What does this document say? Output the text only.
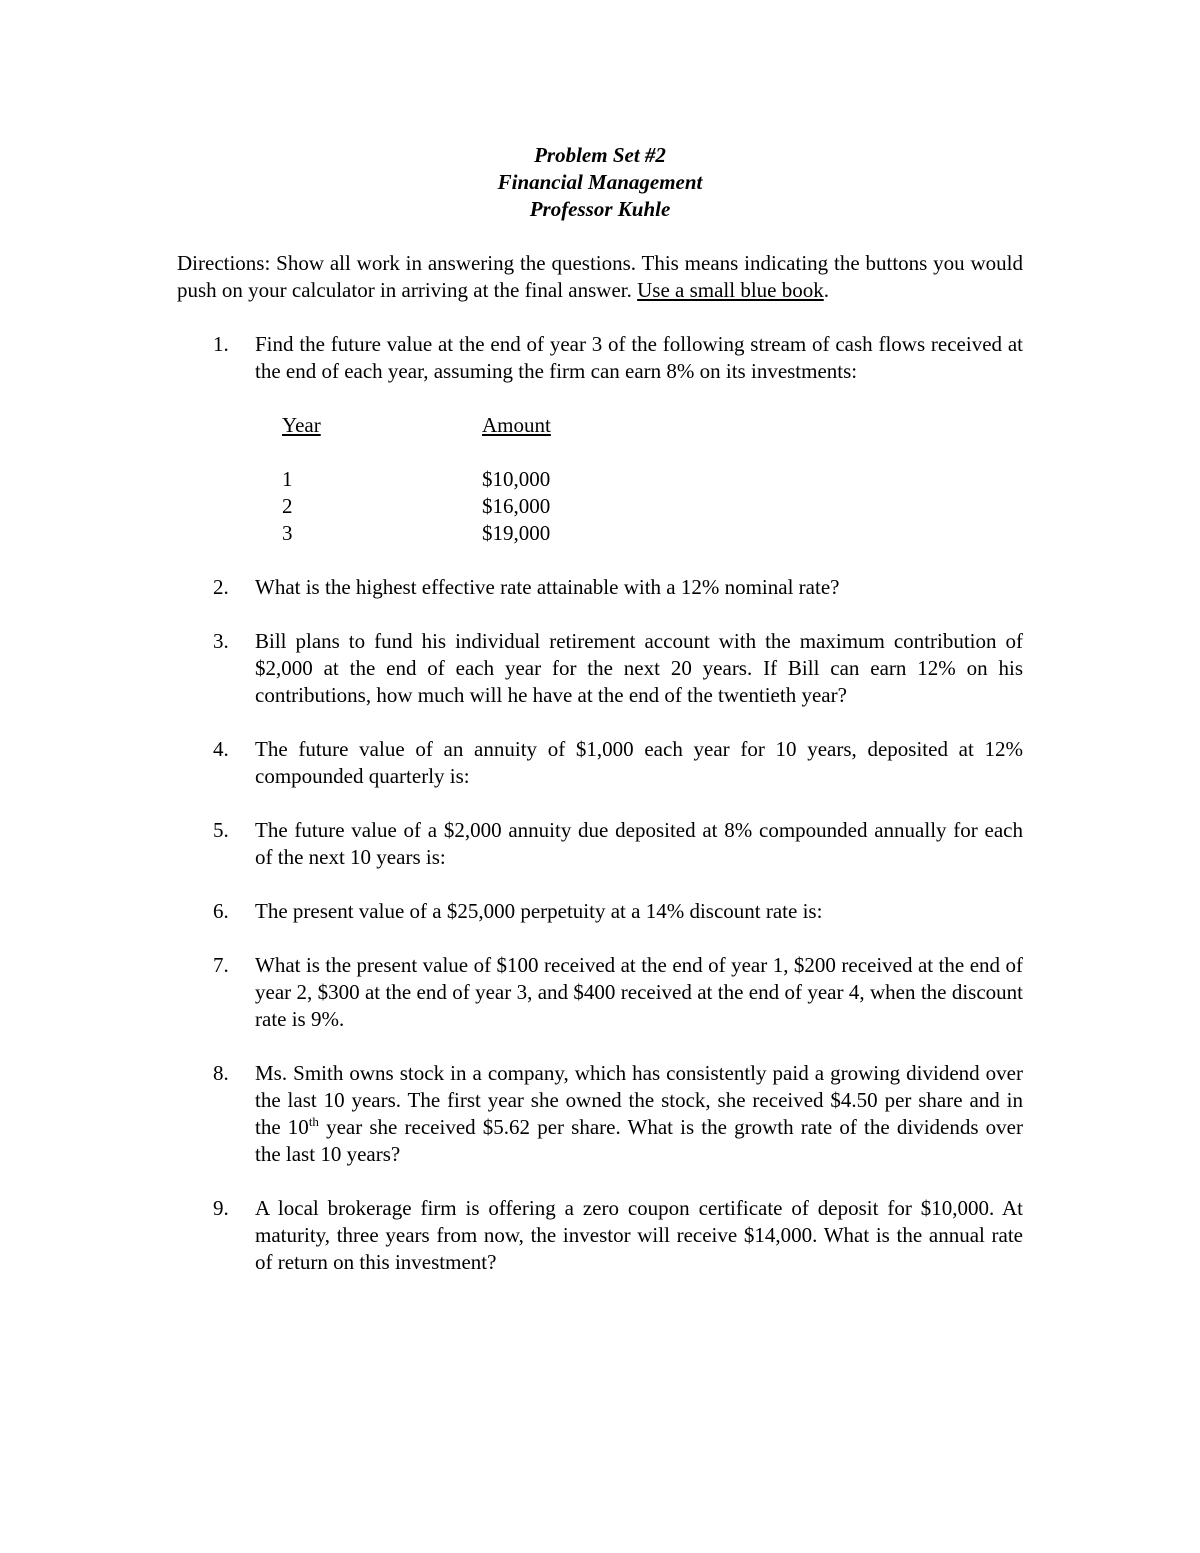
Problem Set #2
Financial Management
Professor Kuhle
Directions: Show all work in answering the questions. This means indicating the buttons you would push on your calculator in arriving at the final answer. Use a small blue book.
1. Find the future value at the end of year 3 of the following stream of cash flows received at the end of each year, assuming the firm can earn 8% on its investments:
Year	Amount
1	$10,000
2	$16,000
3	$19,000
2. What is the highest effective rate attainable with a 12% nominal rate?
3. Bill plans to fund his individual retirement account with the maximum contribution of $2,000 at the end of each year for the next 20 years. If Bill can earn 12% on his contributions, how much will he have at the end of the twentieth year?
4. The future value of an annuity of $1,000 each year for 10 years, deposited at 12% compounded quarterly is:
5. The future value of a $2,000 annuity due deposited at 8% compounded annually for each of the next 10 years is:
6. The present value of a $25,000 perpetuity at a 14% discount rate is:
7. What is the present value of $100 received at the end of year 1, $200 received at the end of year 2, $300 at the end of year 3, and $400 received at the end of year 4, when the discount rate is 9%.
8. Ms. Smith owns stock in a company, which has consistently paid a growing dividend over the last 10 years. The first year she owned the stock, she received $4.50 per share and in the 10th year she received $5.62 per share. What is the growth rate of the dividends over the last 10 years?
9. A local brokerage firm is offering a zero coupon certificate of deposit for $10,000. At maturity, three years from now, the investor will receive $14,000. What is the annual rate of return on this investment?
